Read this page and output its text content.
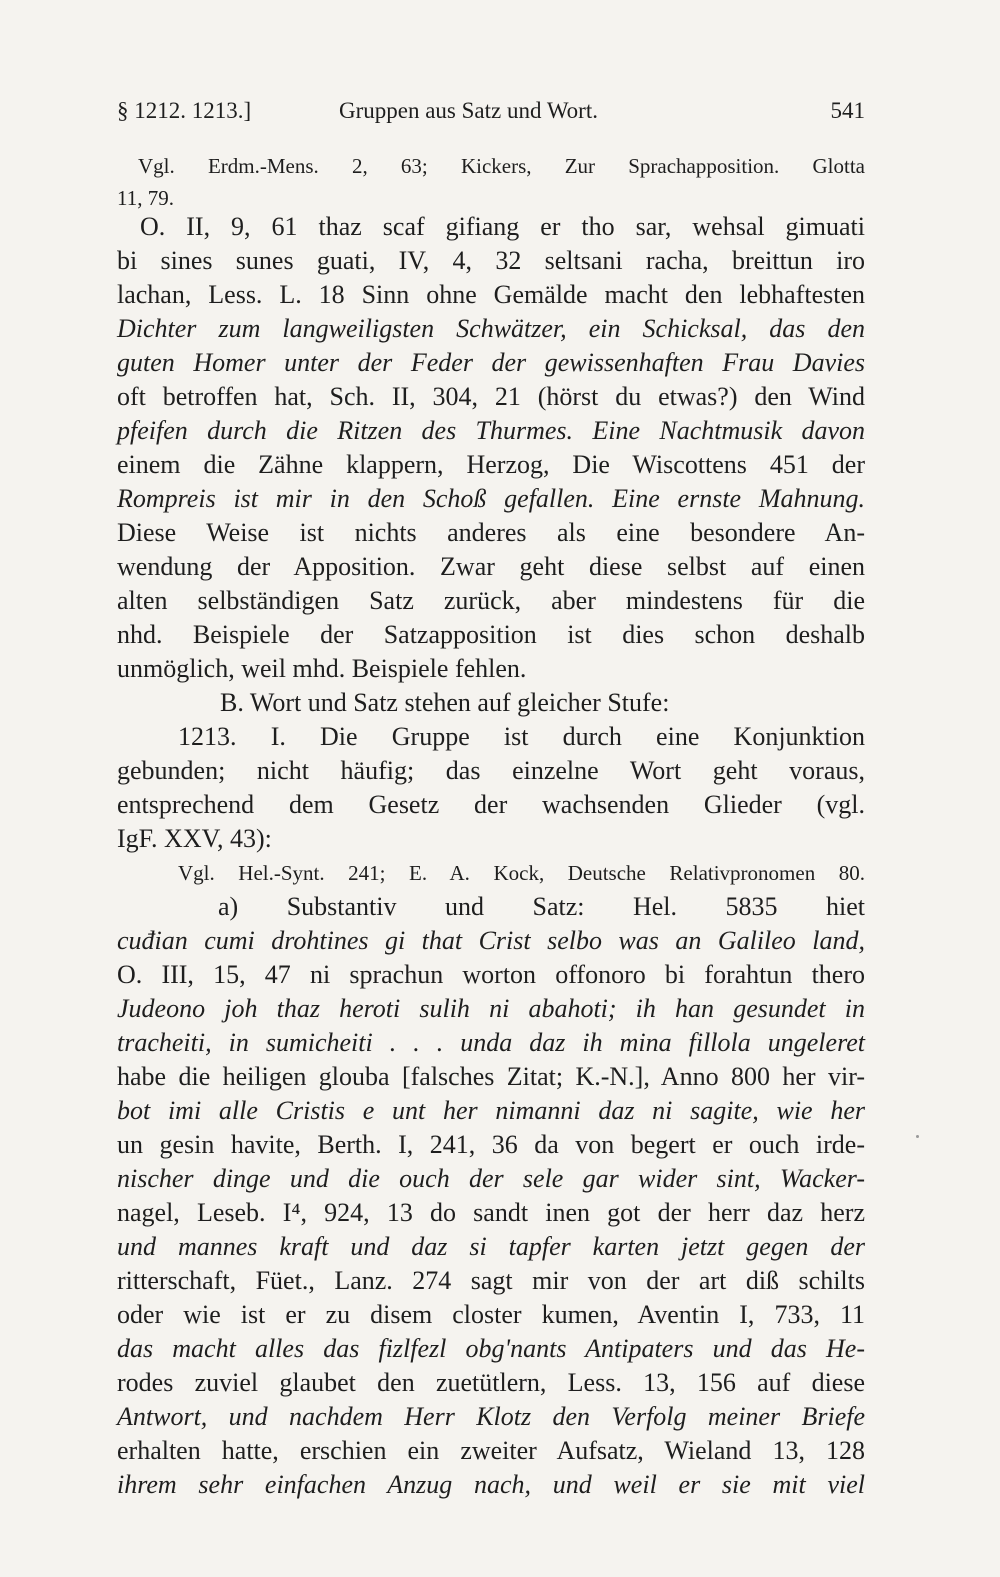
§ 1212. 1213.]	Gruppen aus Satz und Wort.	541
Vgl. Erdm.-Mens. 2, 63; Kickers, Zur Sprachapposition. Glotta
11, 79.
O. II, 9, 61 thaz scaf gifiang er tho sar, wehsal gimuati
bi sines sunes guati, IV, 4, 32 seltsani racha, breittun iro
lachan, Less. L. 18 Sinn ohne Gemälde macht den lebhaftesten
Dichter zum langweiligsten Schwätzer, ein Schicksal, das den
guten Homer unter der Feder der gewissenhaften Frau Davies
oft betroffen hat, Sch. II, 304, 21 (hörst du etwas?) den Wind
pfeifen durch die Ritzen des Thurmes. Eine Nachtmusik davon
einem die Zähne klappern, Herzog, Die Wiscottens 451 der
Rompreis ist mir in den Schoß gefallen. Eine ernste Mahnung.
Diese Weise ist nichts anderes als eine besondere An-
wendung der Apposition. Zwar geht diese selbst auf einen
alten selbständigen Satz zurück, aber mindestens für die
nhd. Beispiele der Satzapposition ist dies schon deshalb
unmöglich, weil mhd. Beispiele fehlen.
B. Wort und Satz stehen auf gleicher Stufe:
1213. I. Die Gruppe ist durch eine Konjunktion
gebunden; nicht häufig; das einzelne Wort geht voraus,
entsprechend dem Gesetz der wachsenden Glieder (vgl.
IgF. XXV, 43):
Vgl. Hel.-Synt. 241; E. A. Kock, Deutsche Relativpronomen 80.
a) Substantiv und Satz: Hel. 5835 hiet
cuđian cumi drohtines gi that Crist selbo was an Galileo land,
O. III, 15, 47 ni sprachun worton offonoro bi forahtun thero
Judeono joh thaz heroti sulih ni abahoti; ih han gesundet in
tracheiti, in sumicheiti . . . unda daz ih mina fillola ungeleret
habe die heiligen glouba [falsches Zitat; K.-N.], Anno 800 her vir-
bot imi alle Cristis e unt her nimanni daz ni sagite, wie her
un gesin havite, Berth. I, 241, 36 da von begert er ouch irde-
nischer dinge und die ouch der sele gar wider sint, Wacker-
nagel, Leseb. I⁴, 924, 13 do sandt inen got der herr daz herz
und mannes kraft und daz si tapfer karten jetzt gegen der
ritterschaft, Füet., Lanz. 274 sagt mir von der art diß schilts
oder wie ist er zu disem closter kumen, Aventin I, 733, 11
das macht alles das fizlfezl obg'nants Antipaters und das He-
rodes zuviel glaubet den zuetütlern, Less. 13, 156 auf diese
Antwort, und nachdem Herr Klotz den Verfolg meiner Briefe
erhalten hatte, erschien ein zweiter Aufsatz, Wieland 13, 128
ihrem sehr einfachen Anzug nach, und weil er sie mit viel
